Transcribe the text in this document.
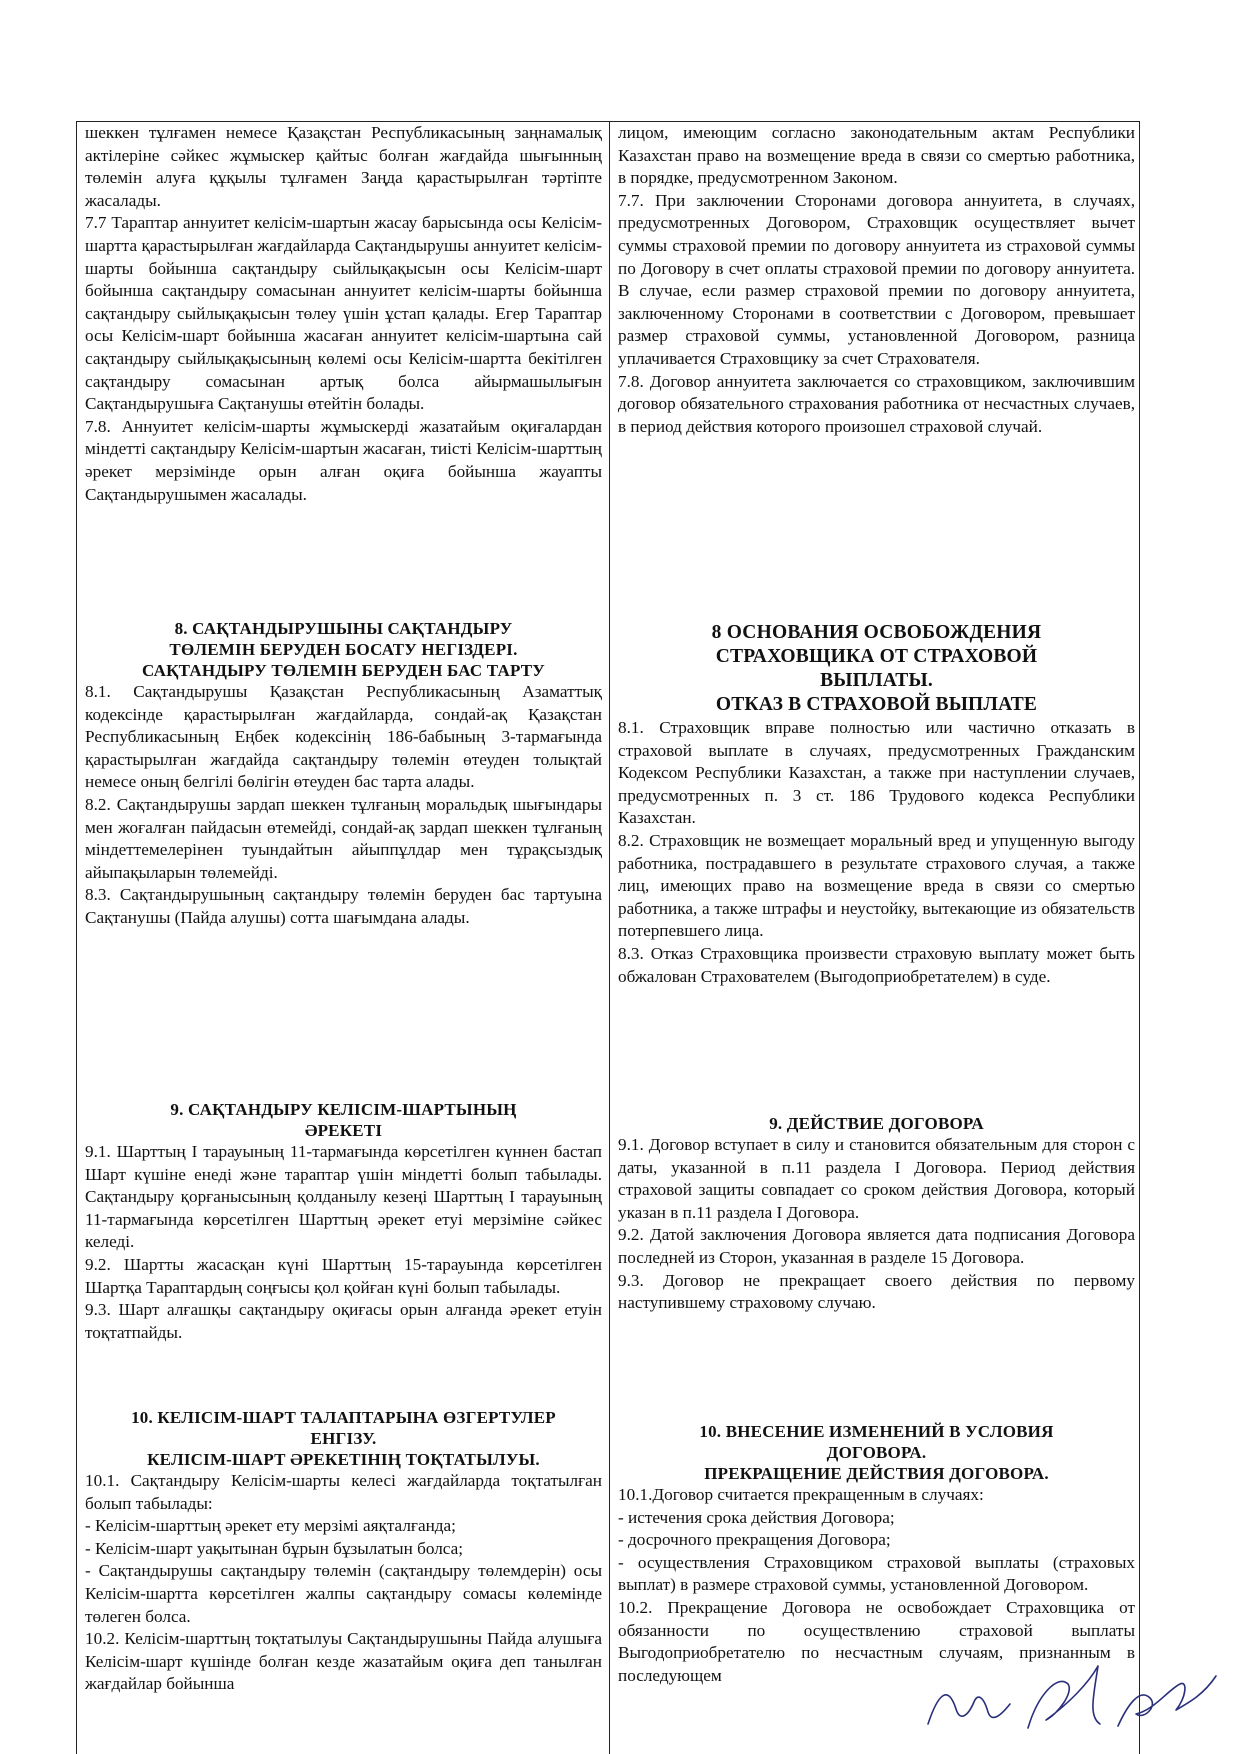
шеккен тұлғамен немесе Қазақстан Республикасының заңнамалық актілеріне сәйкес жұмыскер қайтыс болған жағдайда шығынның төлемін алуға құқылы тұлғамен Заңда қарастырылған тәртіпте жасалады.

7.7 Тараптар аннуитет келісім-шартын жасау барысында осы Келісім-шартта қарастырылған жағдайларда Сақтандырушы аннуитет келісім-шарты бойынша сақтандыру сыйлықақысын осы Келісім-шарт бойынша сақтандыру сомасынан аннуитет келісім-шарты бойынша сақтандыру сыйлықақысын төлеу үшін ұстап қалады. Егер Тараптар осы Келісім-шарт бойынша жасаған аннуитет келісім-шартына сай сақтандыру сыйлықақысының көлемі осы Келісім-шартта бекітілген сақтандыру сомасынан артық болса айырмашылығын Сақтандырушыға Сақтанушы өтейтін болады.

7.8. Аннуитет келісім-шарты жұмыскерді жазатайым оқиғалардан міндетті сақтандыру Келісім-шартын жасаған, тиісті Келісім-шарттың әрекет мерзімінде орын алған оқиға бойынша жауапты Сақтандырушымен жасалады.

8. САҚТАНДЫРУШЫНЫ САҚТАНДЫРУ
ТӨЛЕМІН БЕРУДЕН БОСАТУ НЕГІЗДЕРІ.
САҚТАНДЫРУ ТӨЛЕМІН БЕРУДЕН БАС ТАРТУ

8.1. Сақтандырушы Қазақстан Республикасының Азаматтық кодексінде қарастырылған жағдайларда, сондай-ақ Қазақстан Республикасының Еңбек кодексінің 186-бабының 3-тармағында қарастырылған жағдайда сақтандыру төлемін өтеуден толықтай немесе оның белгілі бөлігін өтеуден бас тарта алады.

8.2. Сақтандырушы зардап шеккен тұлғаның моральдық шығындары мен жоғалған пайдасын өтемейді, сондай-ақ зардап шеккен тұлғаның міндеттемелерінен туындайтын айыппұлдар мен тұрақсыздық айыпақыларын төлемейді.

8.3. Сақтандырушының сақтандыру төлемін беруден бас тартуына Сақтанушы (Пайда алушы) сотта шағымдана алады.

9. САҚТАНДЫРУ КЕЛІСІМ-ШАРТЫНЫҢ
ӘРЕКЕТІ

9.1. Шарттың I тарауының 11-тармағында көрсетілген күннен бастап Шарт күшіне енеді және тараптар үшін міндетті болып табылады. Сақтандыру қорғанысының қолданылу кезеңі Шарттың I тарауының 11-тармағында көрсетілген Шарттың әрекет етуі мерзіміне сәйкес келеді.

9.2. Шартты жасасқан күні Шарттың 15-тарауында көрсетілген Шартқа Тараптардың соңғысы қол қойған күні болып табылады.

9.3. Шарт алғашқы сақтандыру оқиғасы орын алғанда әрекет етуін тоқтатпайды.

10. КЕЛІСІМ-ШАРТ ТАЛАПТАРЫНА ӨЗГЕРТУЛЕР
ЕНГІЗУ.
КЕЛІСІМ-ШАРТ ӘРЕКЕТІНІҢ ТОҚТАТЫЛУЫ.

10.1. Сақтандыру Келісім-шарты келесі жағдайларда тоқтатылған болып табылады:

- Келісім-шарттың әрекет ету мерзімі аяқталғанда;

- Келісім-шарт уақытынан бұрын бұзылатын болса;

- Сақтандырушы сақтандыру төлемін (сақтандыру төлемдерін) осы Келісім-шартта көрсетілген жалпы сақтандыру сомасы көлемінде төлеген болса.

10.2. Келісім-шарттың тоқтатылуы Сақтандырушыны Пайда алушыға Келісім-шарт күшінде болған кезде жазатайым оқиға деп танылған жағдайлар бойынша

лицом, имеющим согласно законодательным актам Республики Казахстан право на возмещение вреда в связи со смертью работника, в порядке, предусмотренном Законом.

7.7. При заключении Сторонами договора аннуитета, в случаях, предусмотренных Договором, Страховщик осуществляет вычет суммы страховой премии по договору аннуитета из страховой суммы по Договору в счет оплаты страховой премии по договору аннуитета. В случае, если размер страховой премии по договору аннуитета, заключенному Сторонами в соответствии с Договором, превышает размер страховой суммы, установленной Договором, разница уплачивается Страховщику за счет Страхователя.

7.8. Договор аннуитета заключается со страховщиком, заключившим договор обязательного страхования работника от несчастных случаев, в период действия которого произошел страховой случай.

8 ОСНОВАНИЯ ОСВОБОЖДЕНИЯ
СТРАХОВЩИКА ОТ СТРАХОВОЙ
ВЫПЛАТЫ.
ОТКАЗ В СТРАХОВОЙ ВЫПЛАТЕ

8.1. Страховщик вправе полностью или частично отказать в страховой выплате в случаях, предусмотренных Гражданским Кодексом Республики Казахстан, а также при наступлении случаев, предусмотренных п. 3 ст. 186 Трудового кодекса Республики Казахстан.

8.2. Страховщик не возмещает моральный вред и упущенную выгоду работника, пострадавшего в результате страхового случая, а также лиц, имеющих право на возмещение вреда в связи со смертью работника, а также штрафы и неустойку, вытекающие из обязательств потерпевшего лица.

8.3. Отказ Страховщика произвести страховую выплату может быть обжалован Страхователем (Выгодоприобретателем) в суде.

9. ДЕЙСТВИЕ ДОГОВОРА

9.1. Договор вступает в силу и становится обязательным для сторон с даты, указанной в п.11 раздела I Договора. Период действия страховой защиты совпадает со сроком действия Договора, который указан в п.11 раздела I Договора.

9.2. Датой заключения Договора является дата подписания Договора последней из Сторон, указанная в разделе 15 Договора.

9.3. Договор не прекращает своего действия по первому наступившему страховому случаю.

10. ВНЕСЕНИЕ ИЗМЕНЕНИЙ В УСЛОВИЯ
ДОГОВОРА.
ПРЕКРАЩЕНИЕ ДЕЙСТВИЯ ДОГОВОРА.

10.1.Договор считается прекращенным в случаях:

- истечения срока действия Договора;

- досрочного прекращения Договора;

- осуществления Страховщиком страховой выплаты (страховых выплат) в размере страховой суммы, установленной Договором.

10.2. Прекращение Договора не освобождает Страховщика от обязанности по осуществлению страховой выплаты Выгодоприобретателю по несчастным случаям, признанным в последующем
